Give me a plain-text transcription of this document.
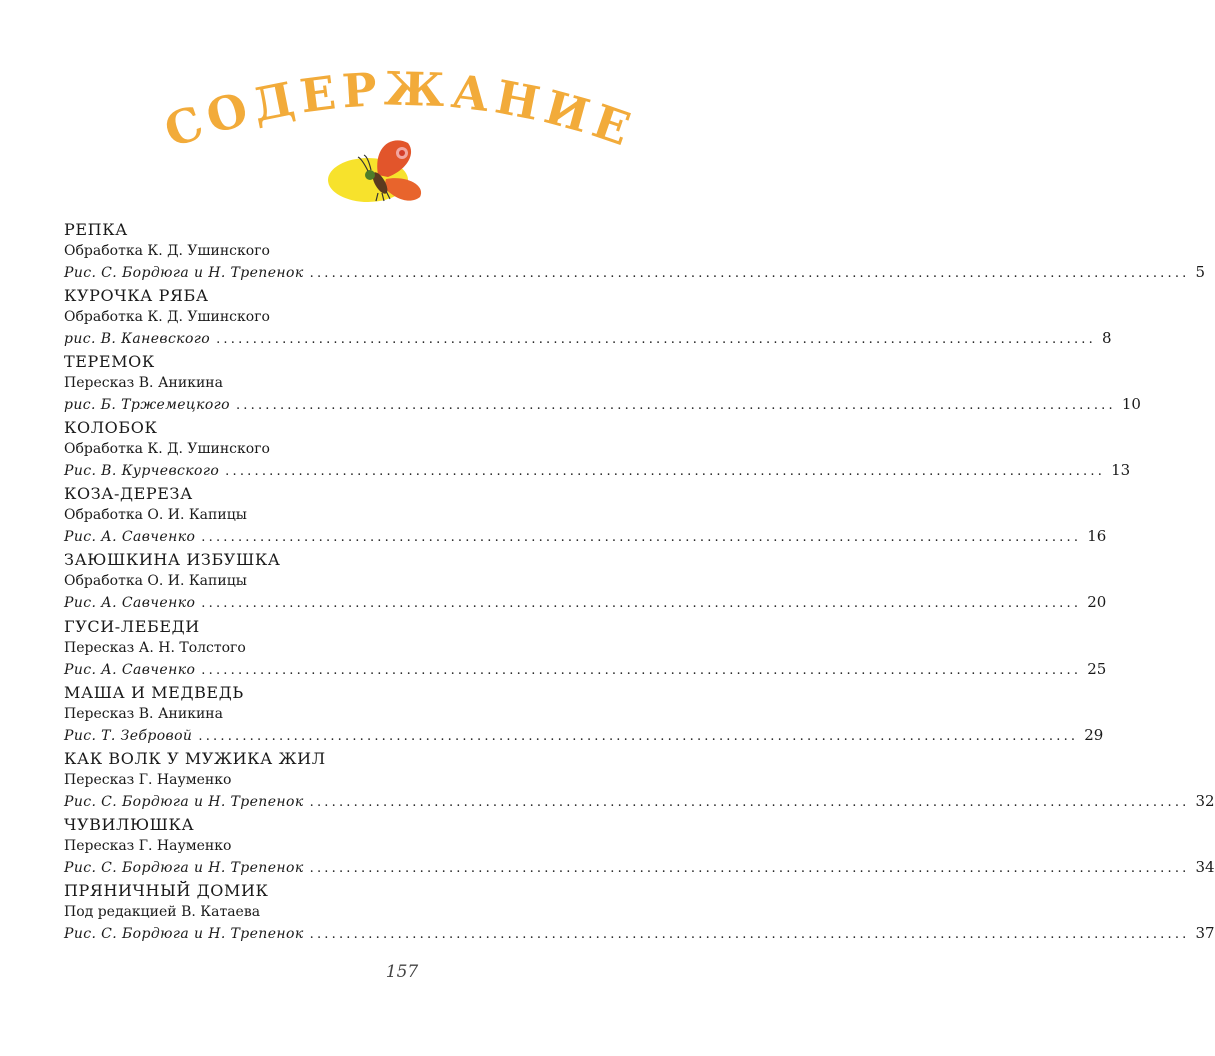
СОДЕРЖАНИЕ
РЕПКА
Обработка К. Д. Ушинского
Рис. С. Бордюга и Н. Трепенок ........................................................................................................................ 5
КУРОЧКА РЯБА
Обработка К. Д. Ушинского
рис. В. Каневского ........................................................................................................................ 8
ТЕРЕМОК
Пересказ В. Аникина
рис. Б. Тржемецкого ........................................................................................................................ 10
КОЛОБОК
Обработка К. Д. Ушинского
Рис. В. Курчевского ........................................................................................................................ 13
КОЗА-ДЕРЕЗА
Обработка О. И. Капицы
Рис. А. Савченко ........................................................................................................................ 16
ЗАЮШКИНА ИЗБУШКА
Обработка О. И. Капицы
Рис. А. Савченко ........................................................................................................................ 20
ГУСИ-ЛЕБЕДИ
Пересказ А. Н. Толстого
Рис. А. Савченко ........................................................................................................................ 25
МАША И МЕДВЕДЬ
Пересказ В. Аникина
Рис. Т. Зебровой ........................................................................................................................ 29
КАК ВОЛК У МУЖИКА ЖИЛ
Пересказ Г. Науменко
Рис. С. Бордюга и Н. Трепенок ........................................................................................................................ 32
ЧУВИЛЮШКА
Пересказ Г. Науменко
Рис. С. Бордюга и Н. Трепенок ........................................................................................................................ 34
ПРЯНИЧНЫЙ ДОМИК
Под редакцией В. Катаева
Рис. С. Бордюга и Н. Трепенок ........................................................................................................................ 37
157
